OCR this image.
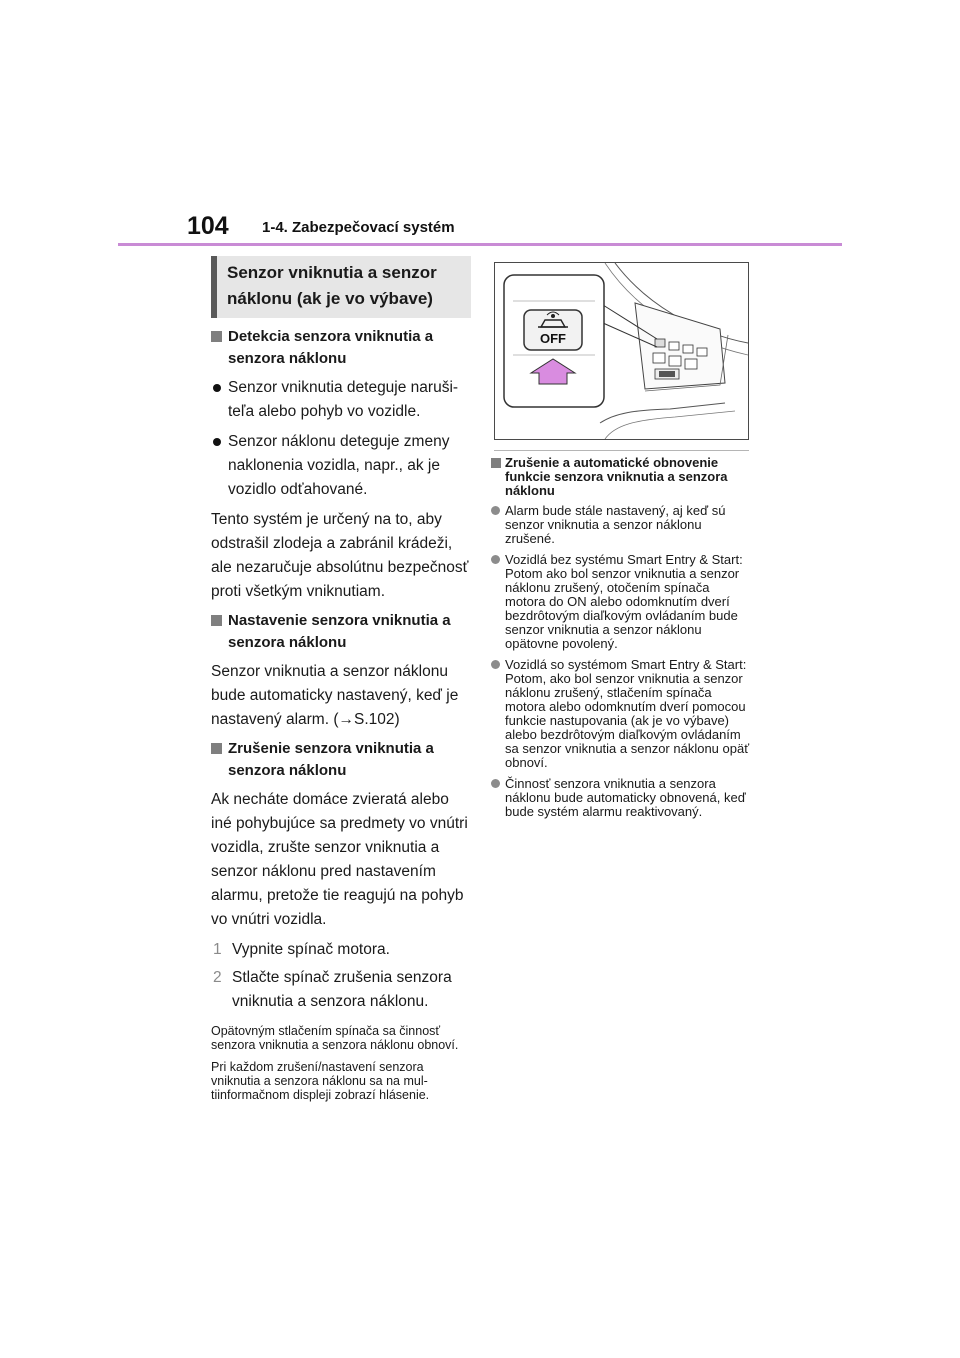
104 1-4. Zabezpečovací systém
Senzor vniknutia a senzor náklonu (ak je vo výbave)
Detekcia senzora vniknutia a senzora náklonu
Senzor vniknutia deteguje narušiteľa alebo pohyb vo vozidle.
Senzor náklonu deteguje zmeny naklonenia vozidla, napr., ak je vozidlo odťahované.
Tento systém je určený na to, aby odstrašil zlodeja a zabránil krádeži, ale nezaručuje absolútnu bezpečnosť proti všetkým vniknutiam.
Nastavenie senzora vniknutia a senzora náklonu
Senzor vniknutia a senzor náklonu bude automaticky nastavený, keď je nastavený alarm. (→S.102)
Zrušenie senzora vniknutia a senzora náklonu
Ak necháte domáce zvieratá alebo iné pohybujúce sa predmety vo vnútri vozidla, zrušte senzor vniknutia a senzor náklonu pred nastavením alarmu, pretože tie reagujú na pohyb vo vnútri vozidla.
1 Vypnite spínač motora.
2 Stlačte spínač zrušenia senzora vniknutia a senzora náklonu.
Opätovným stlačením spínača sa činnosť senzora vniknutia a senzora náklonu obnoví.
Pri každom zrušení/nastavení senzora vniknutia a senzora náklonu sa na multiinformačnom displeji zobrazí hlásenie.
OFF
Zrušenie a automatické obnovenie funkcie senzora vniknutia a senzora náklonu
Alarm bude stále nastavený, aj keď sú senzor vniknutia a senzor náklonu zrušené.
Vozidlá bez systému Smart Entry & Start: Potom ako bol senzor vniknutia a senzor náklonu zrušený, otočením spínača motora do ON alebo odomknutím dverí bezdrôtovým diaľkovým ovládaním bude senzor vniknutia a senzor náklonu opätovne povolený.
Vozidlá so systémom Smart Entry & Start: Potom, ako bol senzor vniknutia a senzor náklonu zrušený, stlačením spínača motora alebo odomknutím dverí pomocou funkcie nastupovania (ak je vo výbave) alebo bezdrôtovým diaľkovým ovládaním sa senzor vniknutia a senzor náklonu opäť obnoví.
Činnosť senzora vniknutia a senzora náklonu bude automaticky obnovená, keď bude systém alarmu reaktivovaný.
